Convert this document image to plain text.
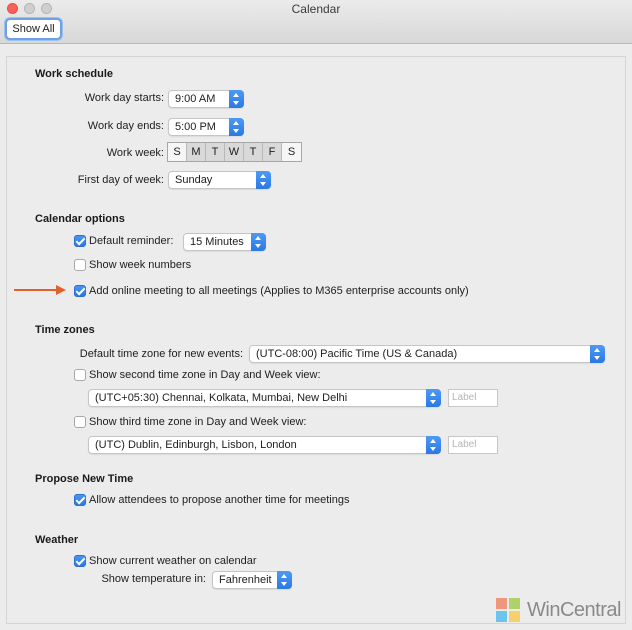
Calendar
Show All
Work schedule
Work day starts:	9:00 AM
Work day ends:	5:00 PM
Work week: S M	T W T	F	S
First day of week:	Sunday
Calendar options
Default reminder:	15 Minutes
Show week numbers
Add online meeting to all meetings (Applies to M365 enterprise accounts only)
Time zones
Default time zone for new events:	(UTC-08:00) Pacific Time (US & Canada)
Show second time zone in Day and Week view:
(UTC+05:30) Chennai, Kolkata, Mumbai, New Delhi	Label
Show third time zone in Day and Week view:
(UTC) Dublin, Edinburgh, Lisbon, London	Label
Propose New Time
Allow attendees to propose another time for meetings
Weather
Show current weather on calendar
Show temperature in:	Fahrenheit
WinCentral
